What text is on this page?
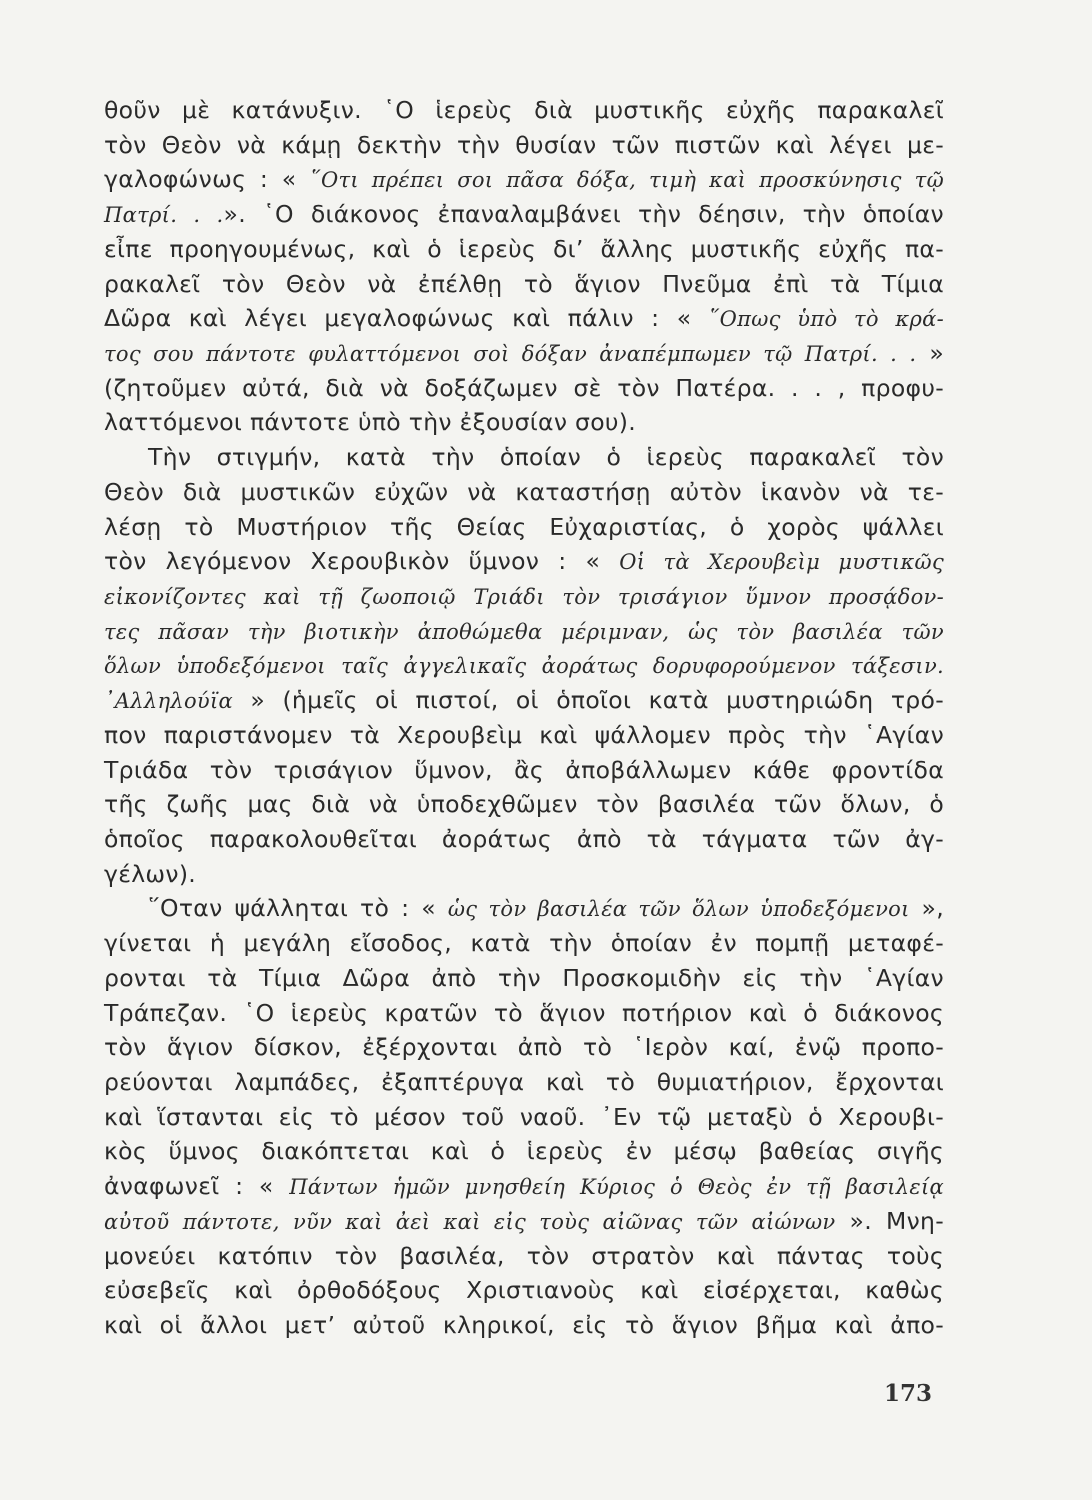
θοῦν μὲ κατάνυξιν. ῾Ο ἱερεὺς διὰ μυστικῆς εὐχῆς παρακαλεῖ
τὸν Θεὸν νὰ κάμῃ δεκτὴν τὴν θυσίαν τῶν πιστῶν καὶ λέγει με-
γαλοφώνως : « ῞Οτι πρέπει σοι πᾶσα δόξα, τιμὴ καὶ προσκύνησις τῷ
Πατρί. . .». ῾Ο διάκονος ἐπαναλαμβάνει τὴν δέησιν, τὴν ὁποίαν
εἶπε προηγουμένως, καὶ ὁ ἱερεὺς δι’ ἄλλης μυστικῆς εὐχῆς πα-
ρακαλεῖ τὸν Θεὸν νὰ ἐπέλθῃ τὸ ἅγιον Πνεῦμα ἐπὶ τὰ Τίμια
Δῶρα καὶ λέγει μεγαλοφώνως καὶ πάλιν : « ῞Οπως ὑπὸ τὸ κρά-
τος σου πάντοτε φυλαττόμενοι σοὶ δόξαν ἀναπέμπωμεν τῷ Πατρί. . . »
(ζητοῦμεν αὐτά, διὰ νὰ δοξάζωμεν σὲ τὸν Πατέρα. . . , προφυ-
λαττόμενοι πάντοτε ὑπὸ τὴν ἐξουσίαν σου).
Τὴν στιγμήν, κατὰ τὴν ὁποίαν ὁ ἱερεὺς παρακαλεῖ τὸν
Θεὸν διὰ μυστικῶν εὐχῶν νὰ καταστήσῃ αὐτὸν ἱκανὸν νὰ τε-
λέσῃ τὸ Μυστήριον τῆς Θείας Εὐχαριστίας, ὁ χορὸς ψάλλει
τὸν λεγόμενον Χερουβικὸν ὕμνον : « Οἱ τὰ Χερουβεὶμ μυστικῶς
εἰκονίζοντες καὶ τῇ ζωοποιῷ Τριάδι τὸν τρισάγιον ὕμνον προσᾴδον-
τες πᾶσαν τὴν βιοτικὴν ἀποθώμεθα μέριμναν, ὡς τὸν βασιλέα τῶν
ὅλων ὑποδεξόμενοι ταῖς ἀγγελικαῖς ἀοράτως δορυφορούμενον τάξεσιν.
᾿Αλληλούϊα » (ἡμεῖς οἱ πιστοί, οἱ ὁποῖοι κατὰ μυστηριώδη τρό-
πον παριστάνομεν τὰ Χερουβεὶμ καὶ ψάλλομεν πρὸς τὴν ῾Αγίαν
Τριάδα τὸν τρισάγιον ὕμνον, ἂς ἀποβάλλωμεν κάθε φροντίδα
τῆς ζωῆς μας διὰ νὰ ὑποδεχθῶμεν τὸν βασιλέα τῶν ὅλων, ὁ
ὁποῖος παρακολουθεῖται ἀοράτως ἀπὸ τὰ τάγματα τῶν ἀγ-
γέλων).
῞Οταν ψάλληται τὸ : « ὡς τὸν βασιλέα τῶν ὅλων ὑποδεξόμενοι »,
γίνεται ἡ μεγάλη εἴσοδος, κατὰ τὴν ὁποίαν ἐν πομπῇ μεταφέ-
ρονται τὰ Τίμια Δῶρα ἀπὸ τὴν Προσκομιδὴν εἰς τὴν ῾Αγίαν
Τράπεζαν. ῾Ο ἱερεὺς κρατῶν τὸ ἅγιον ποτήριον καὶ ὁ διάκονος
τὸν ἅγιον δίσκον, ἐξέρχονται ἀπὸ τὸ ῾Ιερὸν καί, ἐνῷ προπο-
ρεύονται λαμπάδες, ἐξαπτέρυγα καὶ τὸ θυμιατήριον, ἔρχονται
καὶ ἵστανται εἰς τὸ μέσον τοῦ ναοῦ. ᾿Εν τῷ μεταξὺ ὁ Χερουβι-
κὸς ὕμνος διακόπτεται καὶ ὁ ἱερεὺς ἐν μέσῳ βαθείας σιγῆς
ἀναφωνεῖ : « Πάντων ἡμῶν μνησθείη Κύριος ὁ Θεὸς ἐν τῇ βασιλείᾳ
αὐτοῦ πάντοτε, νῦν καὶ ἀεὶ καὶ εἰς τοὺς αἰῶνας τῶν αἰώνων ». Μνη-
μονεύει κατόπιν τὸν βασιλέα, τὸν στρατὸν καὶ πάντας τοὺς
εὐσεβεῖς καὶ ὀρθοδόξους Χριστιανοὺς καὶ εἰσέρχεται, καθὼς
καὶ οἱ ἄλλοι μετ’ αὐτοῦ κληρικοί, εἰς τὸ ἅγιον βῆμα καὶ ἀπο-
173
